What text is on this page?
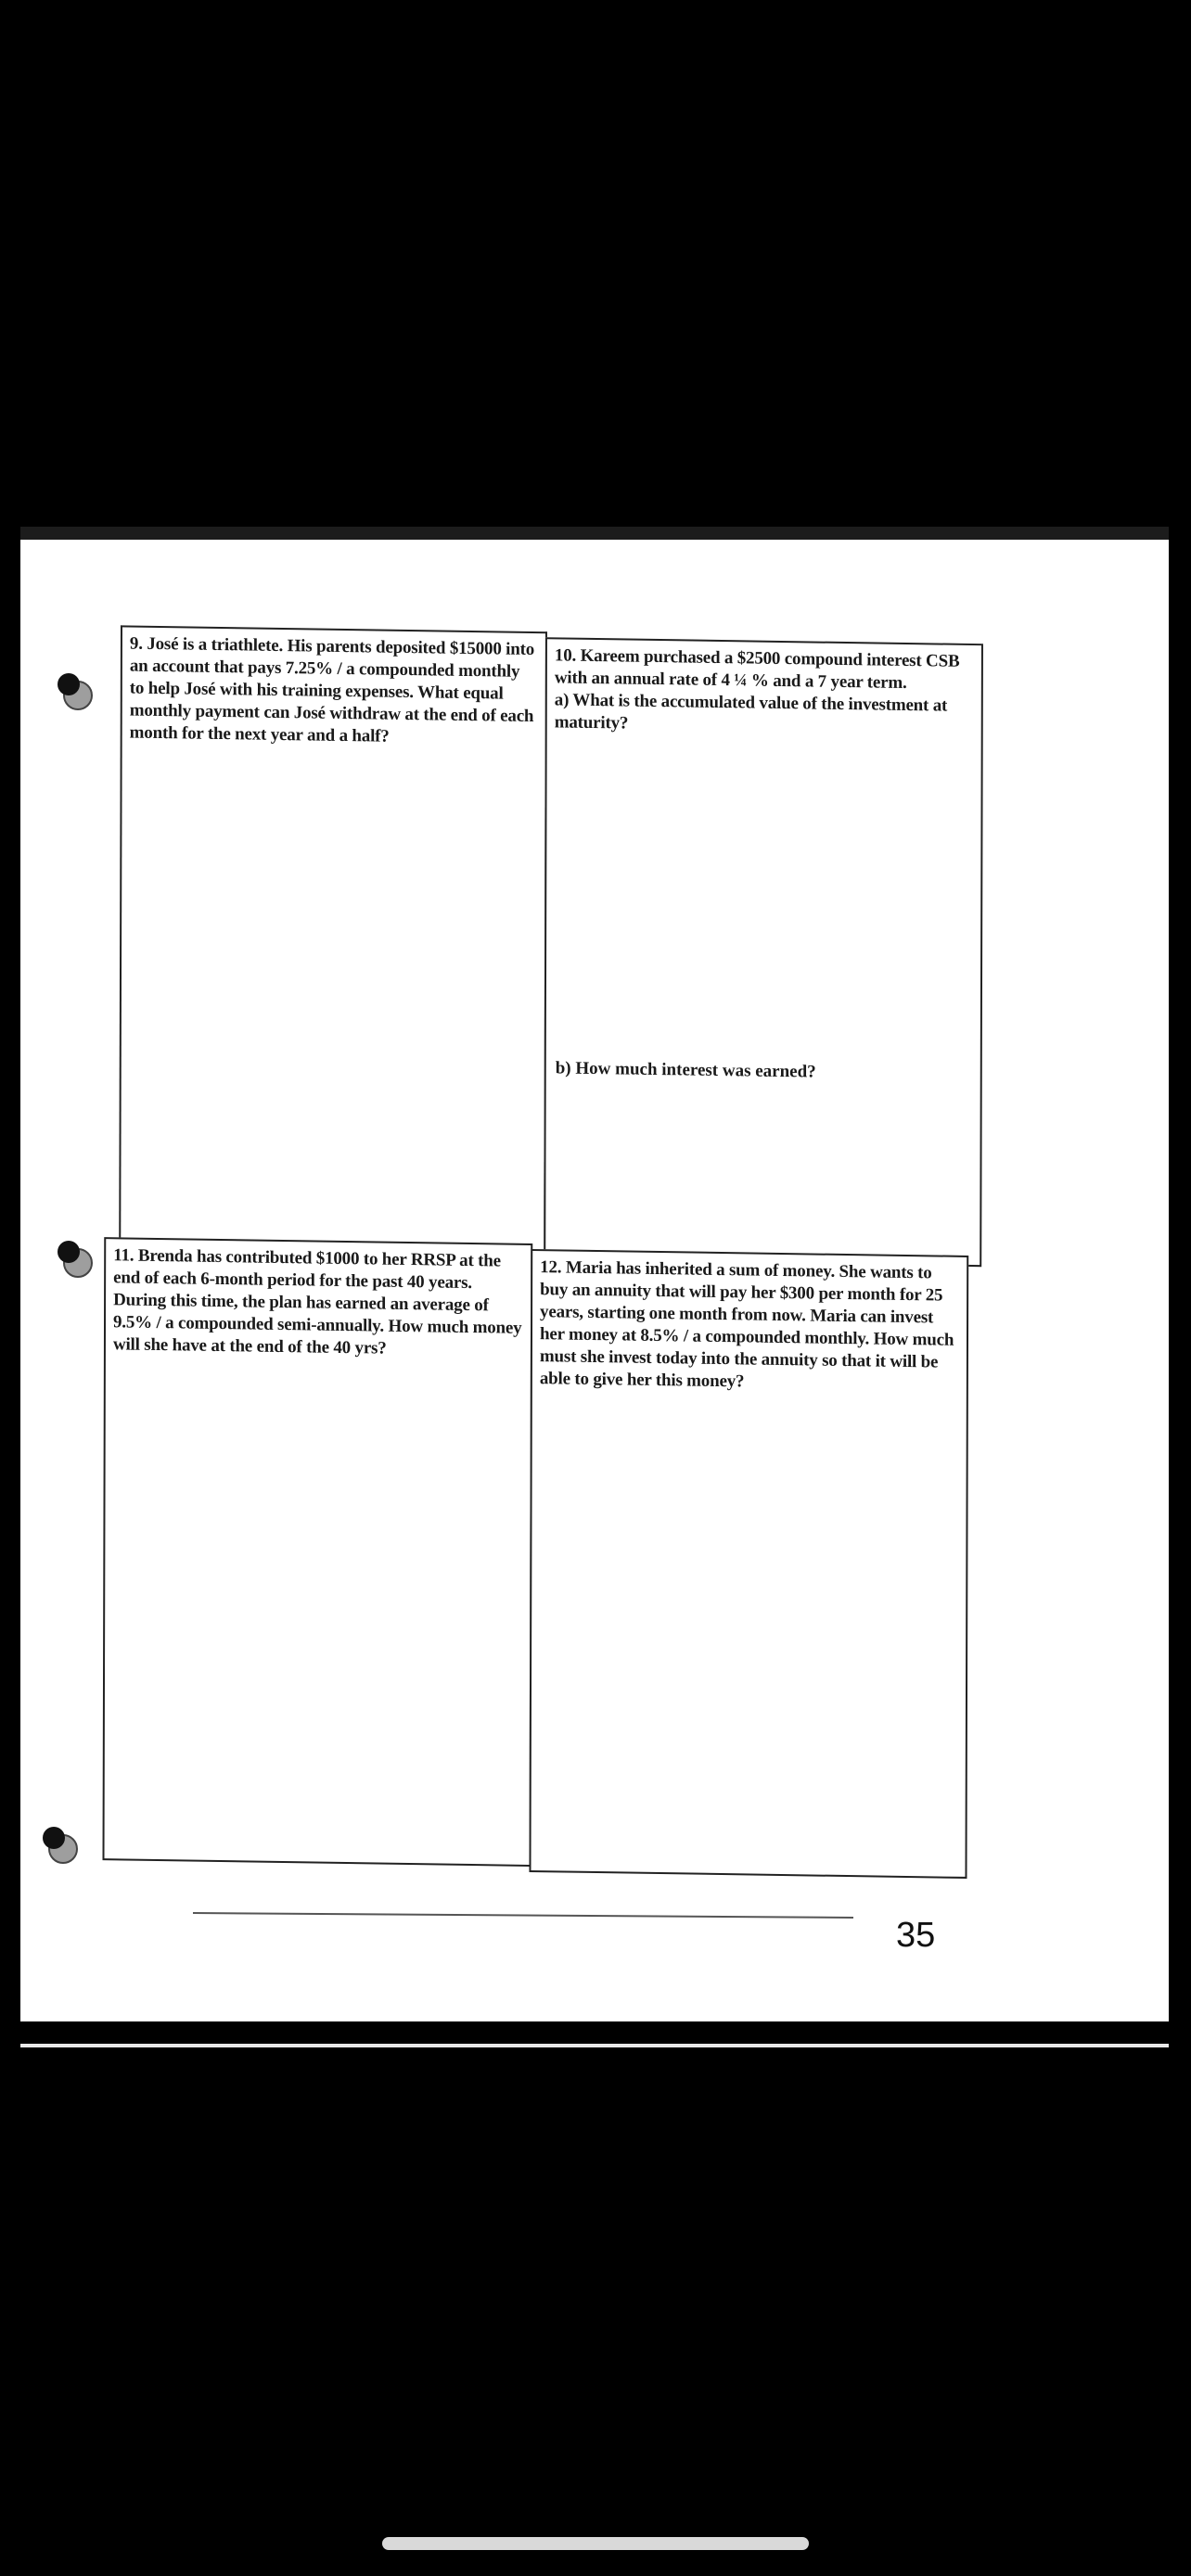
9. José is a triathlete. His parents deposited $15000 into an account that pays 7.25% / a compounded monthly to help José with his training expenses. What equal monthly payment can José withdraw at the end of each month for the next year and a half?
10. Kareem purchased a $2500 compound interest CSB with an annual rate of 4 ¼ % and a 7 year term.
a) What is the accumulated value of the investment at maturity?
b) How much interest was earned?
11. Brenda has contributed $1000 to her RRSP at the end of each 6-month period for the past 40 years. During this time, the plan has earned an average of 9.5% / a compounded semi-annually. How much money will she have at the end of the 40 yrs?
12. Maria has inherited a sum of money. She wants to buy an annuity that will pay her $300 per month for 25 years, starting one month from now. Maria can invest her money at 8.5% / a compounded monthly. How much must she invest today into the annuity so that it will be able to give her this money?
35
